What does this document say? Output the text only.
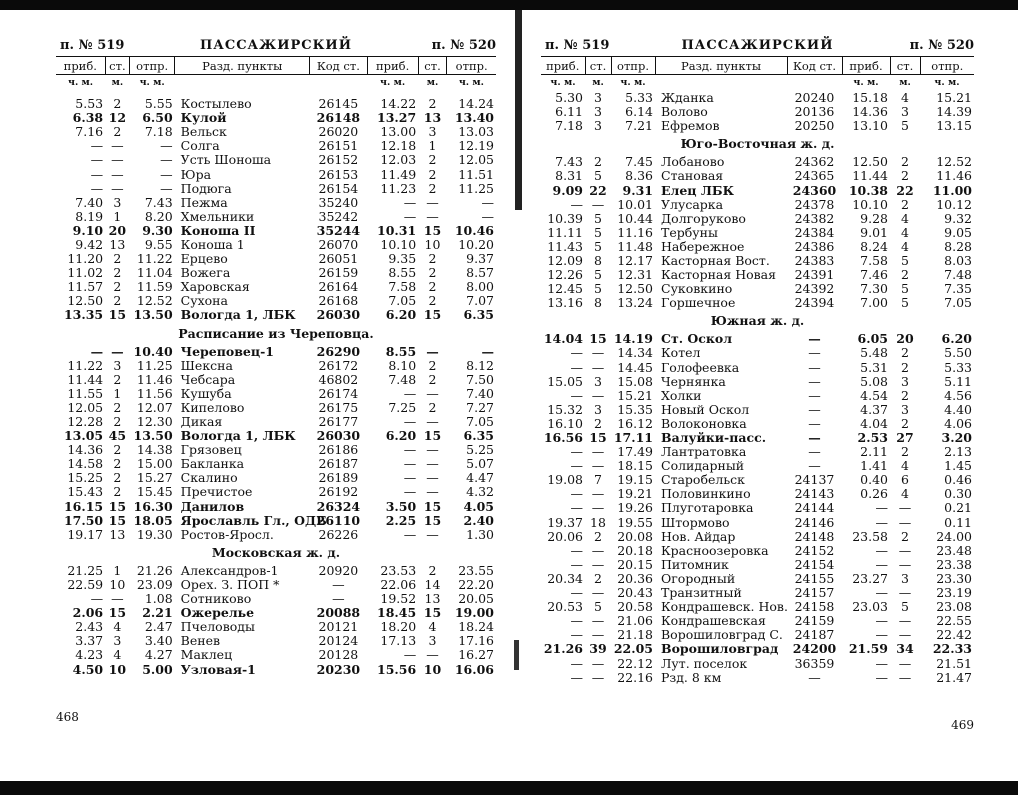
п. № 519	ПАССАЖИРСКИЙ	п. № 520
приб.	ст.	отпр.	Разд. пункты	Код ст.	приб.	ст.	отпр.
ч. м.	м.	ч. м.			ч. м.	м.	ч. м.

5.53	2	5.55	Костылево	26145	14.22	2	14.24
6.38	12	6.50	Кулой	26148	13.27	13	13.40
7.16	2	7.18	Вельск	26020	13.00	3	13.03
—	—	—	Солга	26151	12.18	1	12.19
—	—	—	Усть Шоноша	26152	12.03	2	12.05
—	—	—	Юра	26153	11.49	2	11.51
—	—	—	Подюга	26154	11.23	2	11.25
7.40	3	7.43	Пежма	35240	—	—	—
8.19	1	8.20	Хмельники	35242	—	—	—
9.10	20	9.30	Коноша II	35244	10.31	15	10.46
9.42	13	9.55	Коноша 1	26070	10.10	10	10.20
11.20	2	11.22	Ерцево	26051	9.35	2	9.37
11.02	2	11.04	Вожега	26159	8.55	2	8.57
11.57	2	11.59	Харовская	26164	7.58	2	8.00
12.50	2	12.52	Сухона	26168	7.05	2	7.07
13.35	15	13.50	Вологда 1, ЛБК	26030	6.20	15	6.35
Расписание из Череповца.							
—	—	10.40	Череповец-1	26290	8.55	—	—
11.22	3	11.25	Шексна	26172	8.10	2	8.12
11.44	2	11.46	Чебсара	46802	7.48	2	7.50
11.55	1	11.56	Кушуба	26174	—	—	7.40
12.05	2	12.07	Кипелово	26175	7.25	2	7.27
12.28	2	12.30	Дикая	26177	—	—	7.05
13.05	45	13.50	Вологда 1, ЛБК	26030	6.20	15	6.35
14.36	2	14.38	Грязовец	26186	—	—	5.25
14.58	2	15.00	Бакланка	26187	—	—	5.07
15.25	2	15.27	Скалино	26189	—	—	4.47
15.43	2	15.45	Пречистое	26192	—	—	4.32
16.15	15	16.30	Данилов	26324	3.50	15	4.05
17.50	15	18.05	Ярославль Гл., ОДБ	26110	2.25	15	2.40
19.17	13	19.30	Ростов-Яросл.	26226	—	—	1.30
Московская ж. д.							
21.25	1	21.26	Александров-1	20920	23.53	2	23.55
22.59	10	23.09	Орех. З. ПОП *	—	22.06	14	22.20
—	—	1.08	Сотниково	—	19.52	13	20.05
2.06	15	2.21	Ожерелье	20088	18.45	15	19.00
2.43	4	2.47	Пчеловоды	20121	18.20	4	18.24
3.37	3	3.40	Венев	20124	17.13	3	17.16
4.23	4	4.27	Маклец	20128	—	—	16.27
4.50	10	5.00	Узловая-1	20230	15.56	10	16.06
468
п. № 519	ПАССАЖИРСКИЙ	п. № 520
приб.	ст.	отпр.	Разд. пункты	Код ст.	приб.	ст.	отпр.
ч. м.	м.	ч. м.			ч. м.	м.	ч. м.
5.30	3	5.33	Жданка	20240	15.18	4	15.21
6.11	3	6.14	Волово	20136	14.36	3	14.39
7.18	3	7.21	Ефремов	20250	13.10	5	13.15
Юго-Восточная ж. д.							
7.43	2	7.45	Лобаново	24362	12.50	2	12.52
8.31	5	8.36	Становая	24365	11.44	2	11.46
9.09	22	9.31	Елец ЛБК	24360	10.38	22	11.00
—	—	10.01	Улусарка	24378	10.10	2	10.12
10.39	5	10.44	Долгоруково	24382	9.28	4	9.32
11.11	5	11.16	Тербуны	24384	9.01	4	9.05
11.43	5	11.48	Набережное	24386	8.24	4	8.28
12.09	8	12.17	Касторная Вост.	24383	7.58	5	8.03
12.26	5	12.31	Касторная Новая	24391	7.46	2	7.48
12.45	5	12.50	Суковкино	24392	7.30	5	7.35
13.16	8	13.24	Горшечное	24394	7.00	5	7.05
Южная ж. д.							
14.04	15	14.19	Ст. Оскол	—	6.05	20	6.20
—	—	14.34	Котел	—	5.48	2	5.50
—	—	14.45	Голофеевка	—	5.31	2	5.33
15.05	3	15.08	Чернянка	—	5.08	3	5.11
—	—	15.21	Холки	—	4.54	2	4.56
15.32	3	15.35	Новый Оскол	—	4.37	3	4.40
16.10	2	16.12	Волоконовка	—	4.04	2	4.06
16.56	15	17.11	Валуйки-пасс.	—	2.53	27	3.20
—	—	17.49	Лантратовка	—	2.11	2	2.13
—	—	18.15	Солидарный	—	1.41	4	1.45
19.08	7	19.15	Старобельск	24137	0.40	6	0.46
—	—	19.21	Половинкино	24143	0.26	4	0.30
—	—	19.26	Плуготаровка	24144	—	—	0.21
19.37	18	19.55	Штормово	24146	—	—	0.11
20.06	2	20.08	Нов. Айдар	24148	23.58	2	24.00
—	—	20.18	Красноозеровка	24152	—	—	23.48
—	—	20.15	Питомник	24154	—	—	23.38
20.34	2	20.36	Огородный	24155	23.27	3	23.30
—	—	20.43	Транзитный	24157	—	—	23.19
20.53	5	20.58	Кондрашевск. Нов.	24158	23.03	5	23.08
—	—	21.06	Кондрашевская	24159	—	—	22.55
—	—	21.18	Ворошиловград С.	24187	—	—	22.42
21.26	39	22.05	Ворошиловград	24200	21.59	34	22.33
—	—	22.12	Лут. поселок	36359	—	—	21.51
—	—	22.16	Рзд. 8 км	—	—	—	21.47
469
